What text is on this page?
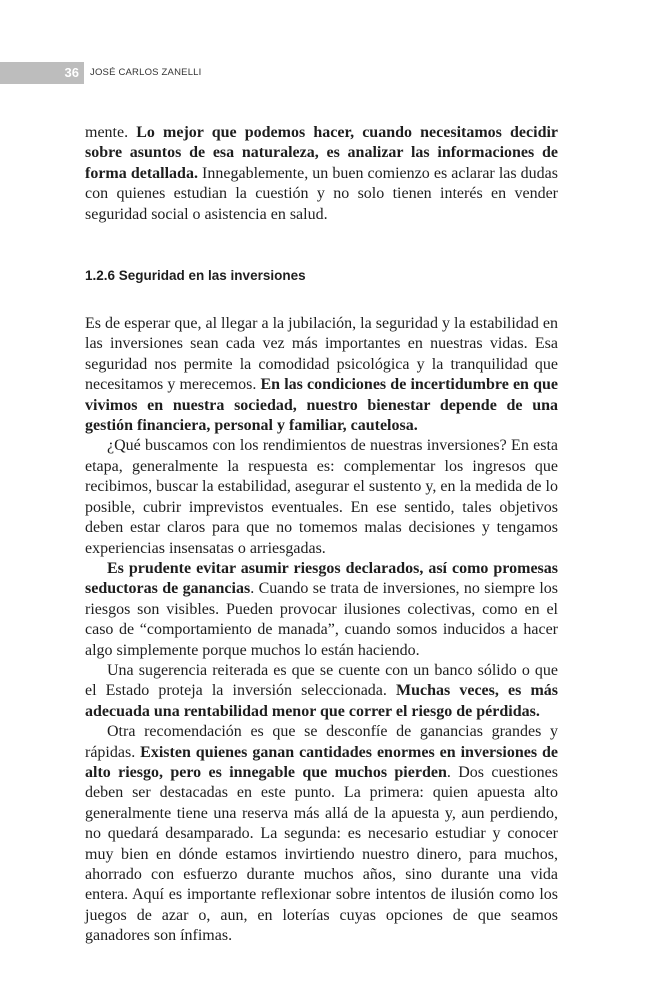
36 JOSÉ CARLOS ZANELLI

mente. Lo mejor que podemos hacer, cuando necesitamos decidir sobre asuntos de esa naturaleza, es analizar las informaciones de forma detallada. Innegablemente, un buen comienzo es aclarar las dudas con quienes estudian la cuestión y no solo tienen interés en vender seguridad social o asistencia en salud.

1.2.6 Seguridad en las inversiones

Es de esperar que, al llegar a la jubilación, la seguridad y la estabilidad en las inversiones sean cada vez más importantes en nuestras vidas. Esa seguridad nos permite la comodidad psicológica y la tranquilidad que necesitamos y merecemos. En las condiciones de incertidumbre en que vivimos en nuestra sociedad, nuestro bienestar depende de una gestión financiera, personal y familiar, cautelosa.

¿Qué buscamos con los rendimientos de nuestras inversiones? En esta etapa, generalmente la respuesta es: complementar los ingresos que recibimos, buscar la estabilidad, asegurar el sustento y, en la medida de lo posible, cubrir imprevistos eventuales. En ese sentido, tales objetivos deben estar claros para que no tomemos malas decisiones y tengamos experiencias insensatas o arriesgadas.

Es prudente evitar asumir riesgos declarados, así como promesas seductoras de ganancias. Cuando se trata de inversiones, no siempre los riesgos son visibles. Pueden provocar ilusiones colectivas, como en el caso de “comportamiento de manada”, cuando somos inducidos a hacer algo simplemente porque muchos lo están haciendo.

Una sugerencia reiterada es que se cuente con un banco sólido o que el Estado proteja la inversión seleccionada. Muchas veces, es más adecuada una rentabilidad menor que correr el riesgo de pérdidas.

Otra recomendación es que se desconfíe de ganancias grandes y rápidas. Existen quienes ganan cantidades enormes en inversiones de alto riesgo, pero es innegable que muchos pierden. Dos cuestiones deben ser destacadas en este punto. La primera: quien apuesta alto generalmente tiene una reserva más allá de la apuesta y, aun perdiendo, no quedará desamparado. La segunda: es necesario estudiar y conocer muy bien en dónde estamos invirtiendo nuestro dinero, para muchos, ahorrado con esfuerzo durante muchos años, sino durante una vida entera. Aquí es importante reflexionar sobre intentos de ilusión como los juegos de azar o, aun, en loterías cuyas opciones de que seamos ganadores son ínfimas.
